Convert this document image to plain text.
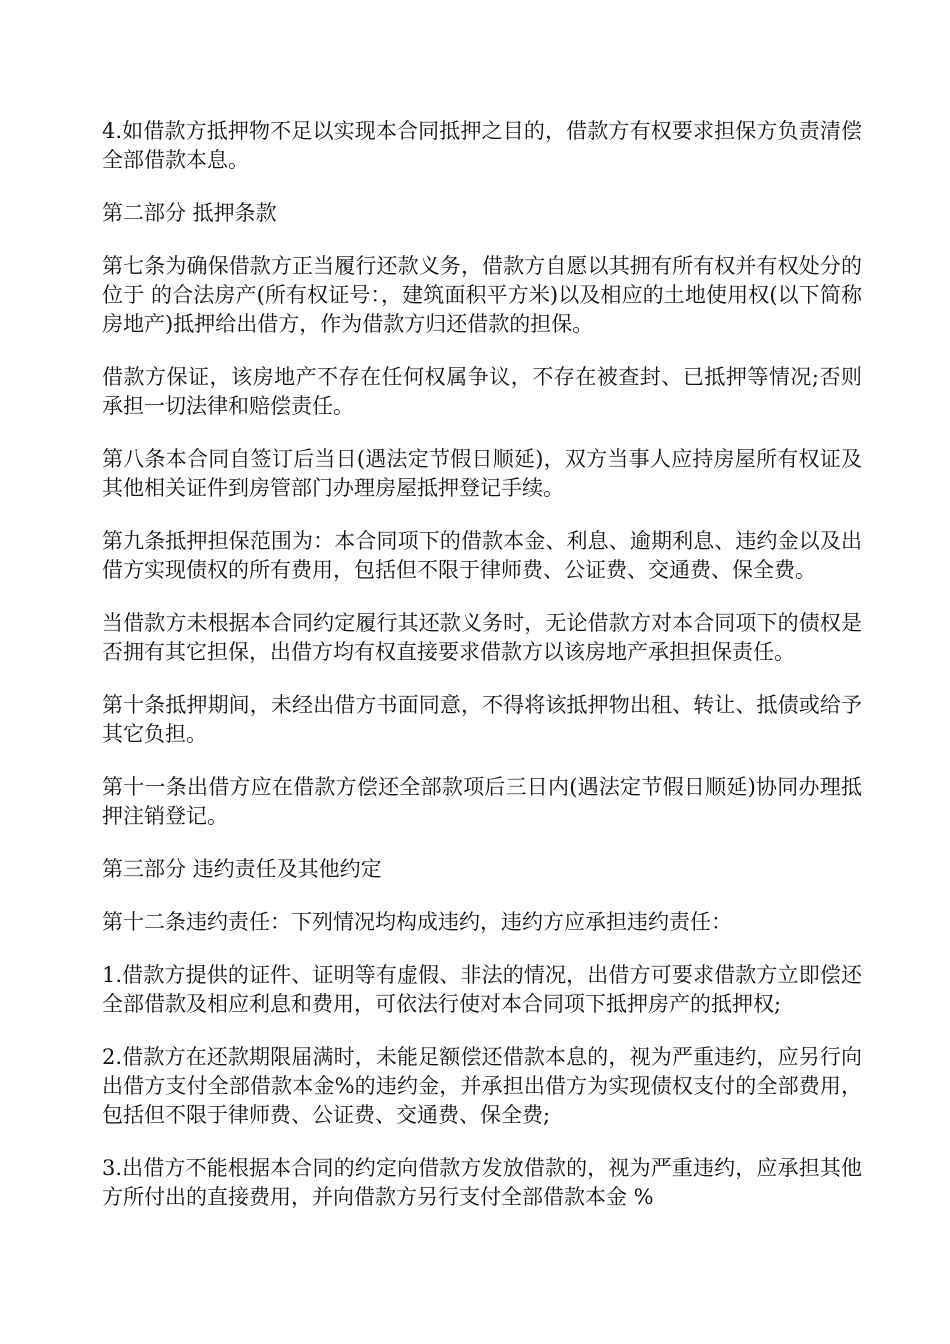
4.如借款方抵押物不足以实现本合同抵押之目的，借款方有权要求担保方负责清偿全部借款本息。

第二部分 抵押条款

第七条为确保借款方正当履行还款义务，借款方自愿以其拥有所有权并有权处分的位于 的合法房产(所有权证号：，建筑面积平方米)以及相应的土地使用权(以下简称房地产)抵押给出借方，作为借款方归还借款的担保。

借款方保证，该房地产不存在任何权属争议，不存在被查封、已抵押等情况;否则承担一切法律和赔偿责任。

第八条本合同自签订后当日(遇法定节假日顺延)，双方当事人应持房屋所有权证及其他相关证件到房管部门办理房屋抵押登记手续。

第九条抵押担保范围为：本合同项下的借款本金、利息、逾期利息、违约金以及出借方实现债权的所有费用，包括但不限于律师费、公证费、交通费、保全费。

当借款方未根据本合同约定履行其还款义务时，无论借款方对本合同项下的债权是否拥有其它担保，出借方均有权直接要求借款方以该房地产承担担保责任。

第十条抵押期间，未经出借方书面同意，不得将该抵押物出租、转让、抵债或给予其它负担。

第十一条出借方应在借款方偿还全部款项后三日内(遇法定节假日顺延)协同办理抵押注销登记。

第三部分 违约责任及其他约定

第十二条违约责任：下列情况均构成违约，违约方应承担违约责任：

1.借款方提供的证件、证明等有虚假、非法的情况，出借方可要求借款方立即偿还全部借款及相应利息和费用，可依法行使对本合同项下抵押房产的抵押权;

2.借款方在还款期限届满时，未能足额偿还借款本息的，视为严重违约，应另行向出借方支付全部借款本金%的违约金，并承担出借方为实现债权支付的全部费用，包括但不限于律师费、公证费、交通费、保全费;

3.出借方不能根据本合同的约定向借款方发放借款的，视为严重违约，应承担其他方所付出的直接费用，并向借款方另行支付全部借款本金 %
